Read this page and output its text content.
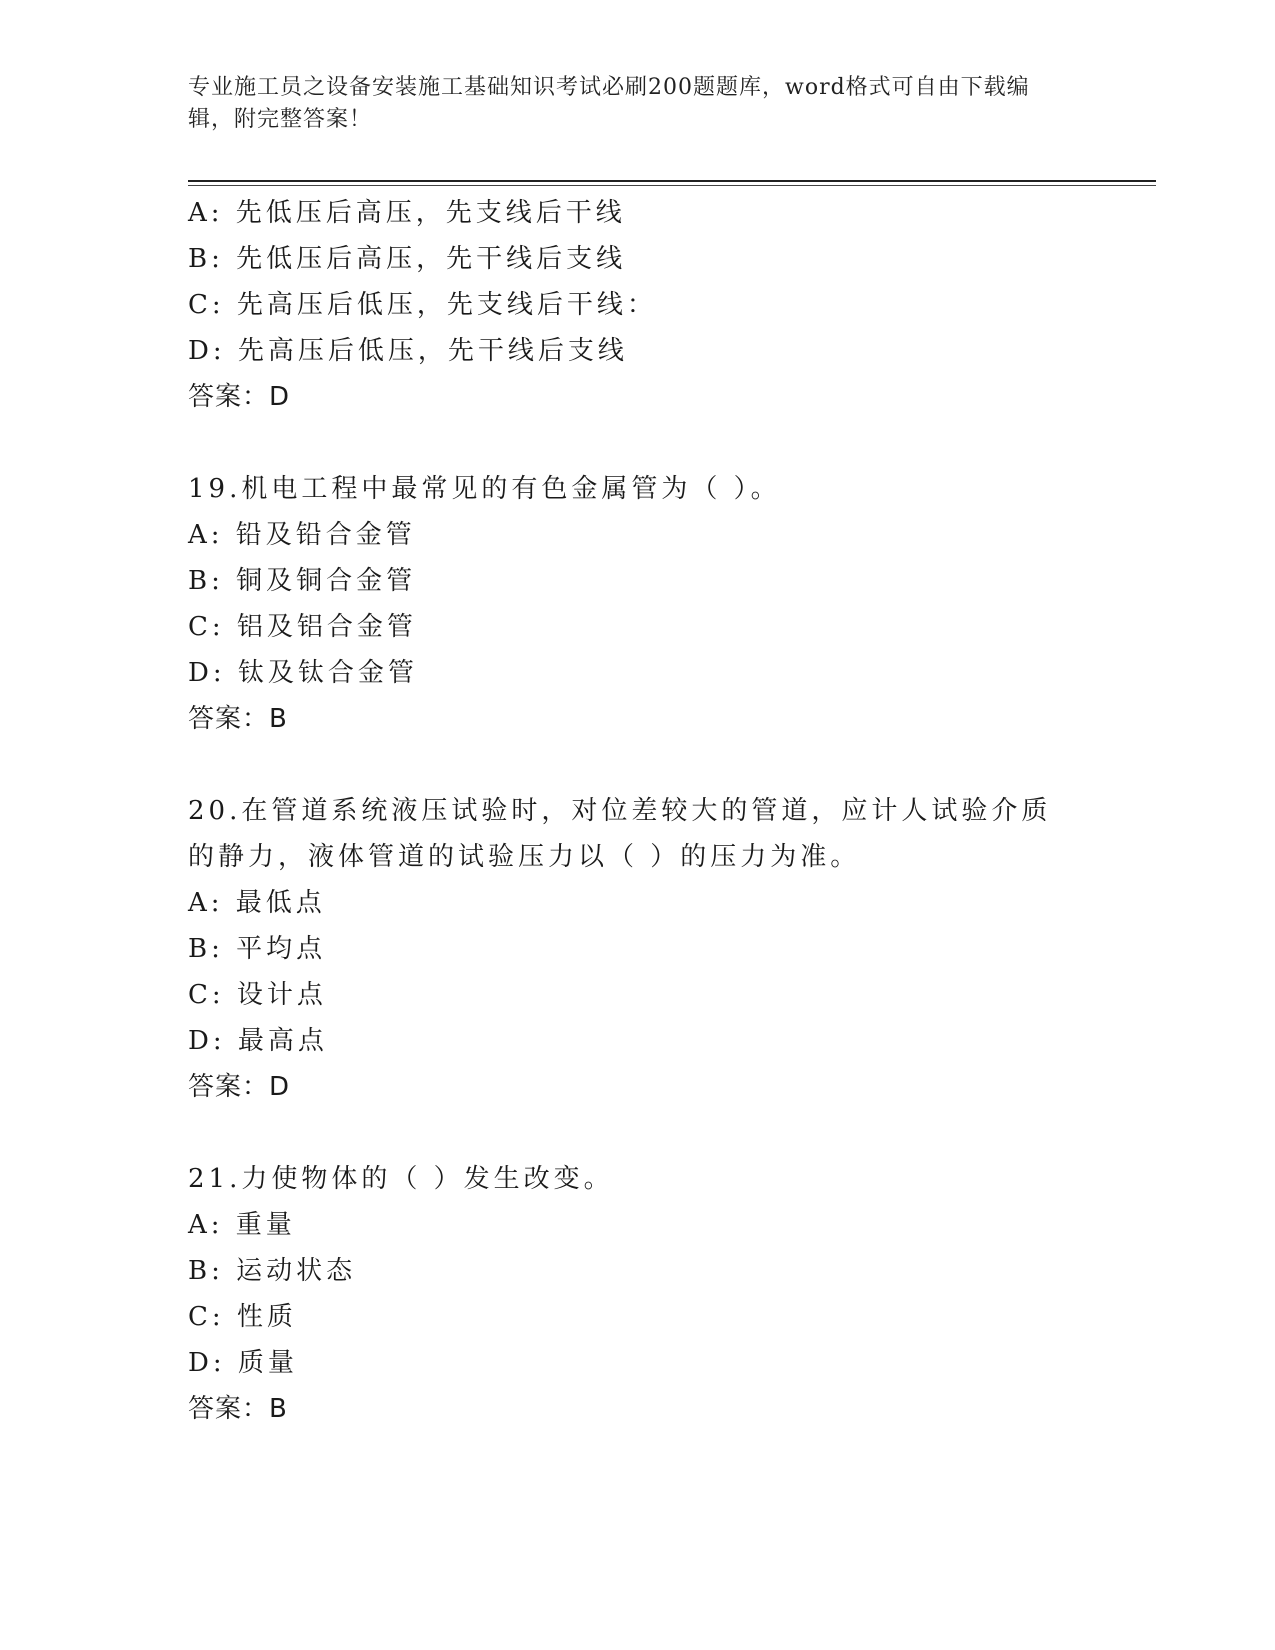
专业施工员之设备安装施工基础知识考试必刷200题题库，word格式可自由下载编辑，附完整答案！
A: 先低压后高压，先支线后干线
B: 先低压后高压，先干线后支线
C: 先高压后低压，先支线后干线：
D: 先高压后低压，先干线后支线
答案：D
19.机电工程中最常见的有色金属管为（ ）。
A: 铅及铅合金管
B: 铜及铜合金管
C: 铝及铝合金管
D: 钛及钛合金管
答案：B
20.在管道系统液压试验时，对位差较大的管道，应计人试验介质的静力，液体管道的试验压力以（ ）的压力为准。
A: 最低点
B: 平均点
C: 设计点
D: 最高点
答案：D
21.力使物体的（ ）发生改变。
A: 重量
B: 运动状态
C: 性质
D: 质量
答案：B
